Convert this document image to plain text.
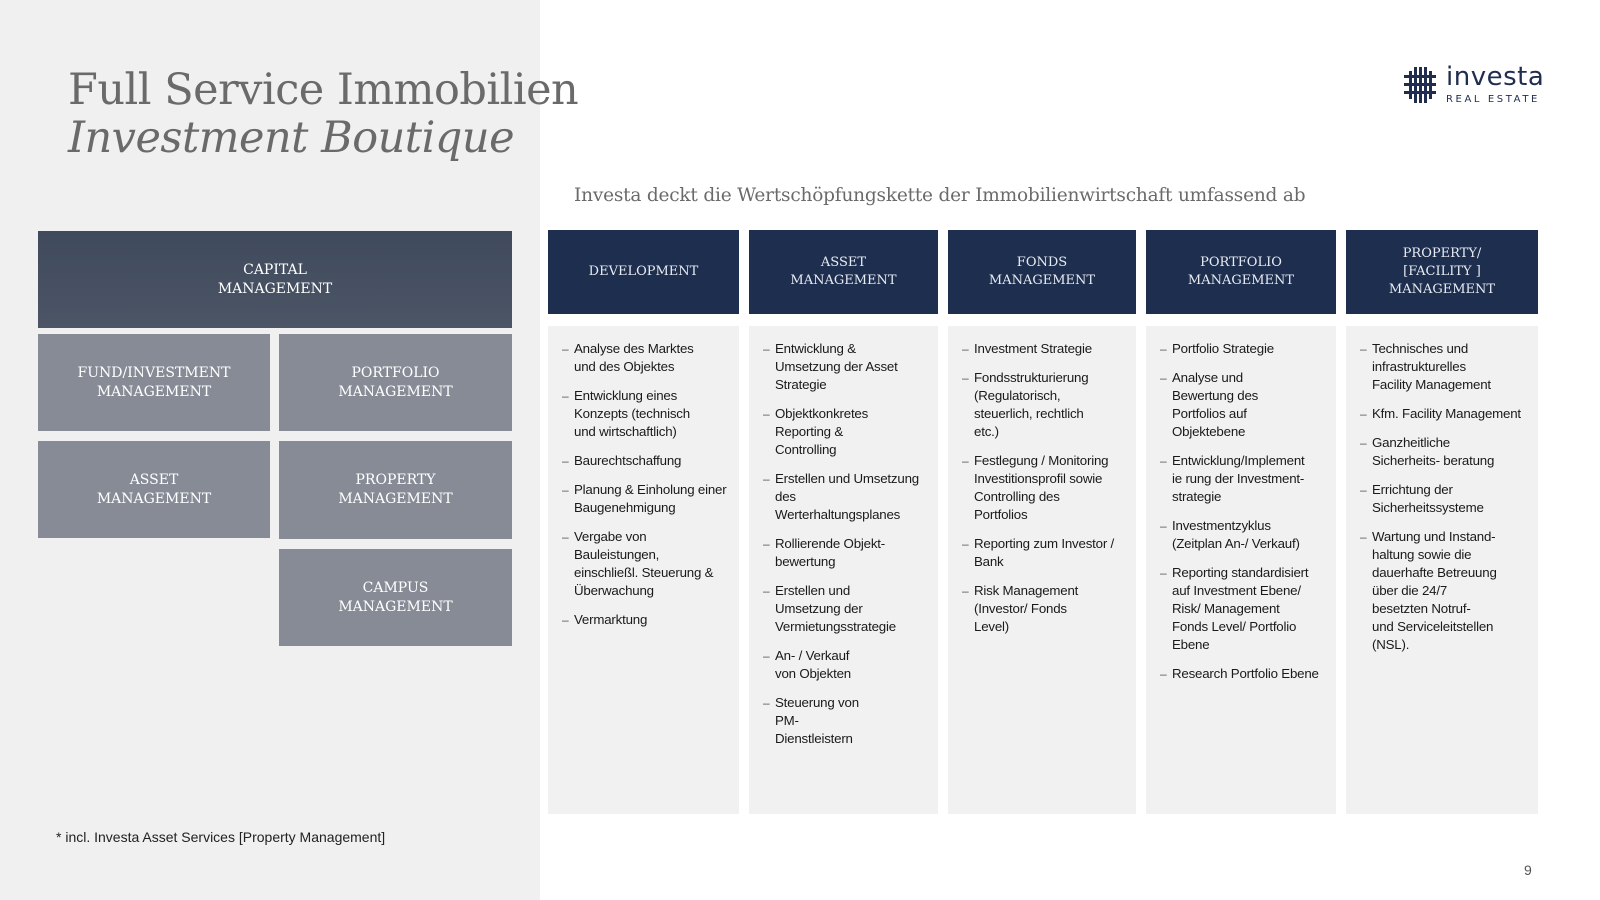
Full Service Immobilien
Investment Boutique
CAPITAL
MANAGEMENT
FUND/INVESTMENT
MANAGEMENT
PORTFOLIO
MANAGEMENT
ASSET
MANAGEMENT
PROPERTY
MANAGEMENT
CAMPUS
MANAGEMENT
* incl. Investa Asset Services [Property Management]
investa
REAL ESTATE
Investa deckt die Wertschöpfungskette der Immobilienwirtschaft umfassend ab
DEVELOPMENT
ASSET
MANAGEMENT
FONDS
MANAGEMENT
PORTFOLIO
MANAGEMENT
PROPERTY/
[FACILITY ]
MANAGEMENT
– Analyse des Marktes
und des Objektes
– Entwicklung eines
Konzepts (technisch
und wirtschaftlich)
– Baurechtschaffung
– Planung & Einholung einer
Baugenehmigung
– Vergabe von
Bauleistungen,
einschließl. Steuerung &
Überwachung
– Vermarktung
– Entwicklung &
Umsetzung der Asset
Strategie
– Objektkonkretes
Reporting &
Controlling
– Erstellen und Umsetzung
des
Werterhaltungsplanes
– Rollierende Objekt-
bewertung
– Erstellen und
Umsetzung der
Vermietungsstrategie
– An- / Verkauf
von Objekten
– Steuerung von
PM-
Dienstleistern
– Investment Strategie
– Fondsstrukturierung
(Regulatorisch,
steuerlich, rechtlich
etc.)
– Festlegung / Monitoring
Investitionsprofil sowie
Controlling des
Portfolios
– Reporting zum Investor /
Bank
– Risk Management
(Investor/ Fonds
Level)
– Portfolio Strategie
– Analyse und
Bewertung des
Portfolios auf
Objektebene
– Entwicklung/Implement
ie rung der Investment-
strategie
– Investmentzyklus
(Zeitplan An-/ Verkauf)
– Reporting standardisiert
auf Investment Ebene/
Risk/ Management
Fonds Level/ Portfolio
Ebene
– Research Portfolio Ebene
– Technisches und
infrastrukturelles
Facility Management
– Kfm. Facility Management
– Ganzheitliche
Sicherheits- beratung
– Errichtung der
Sicherheitssysteme
– Wartung und Instand-
haltung sowie die
dauerhafte Betreuung
über die 24/7
besetzten Notruf-
und Serviceleitstellen
(NSL).
9
